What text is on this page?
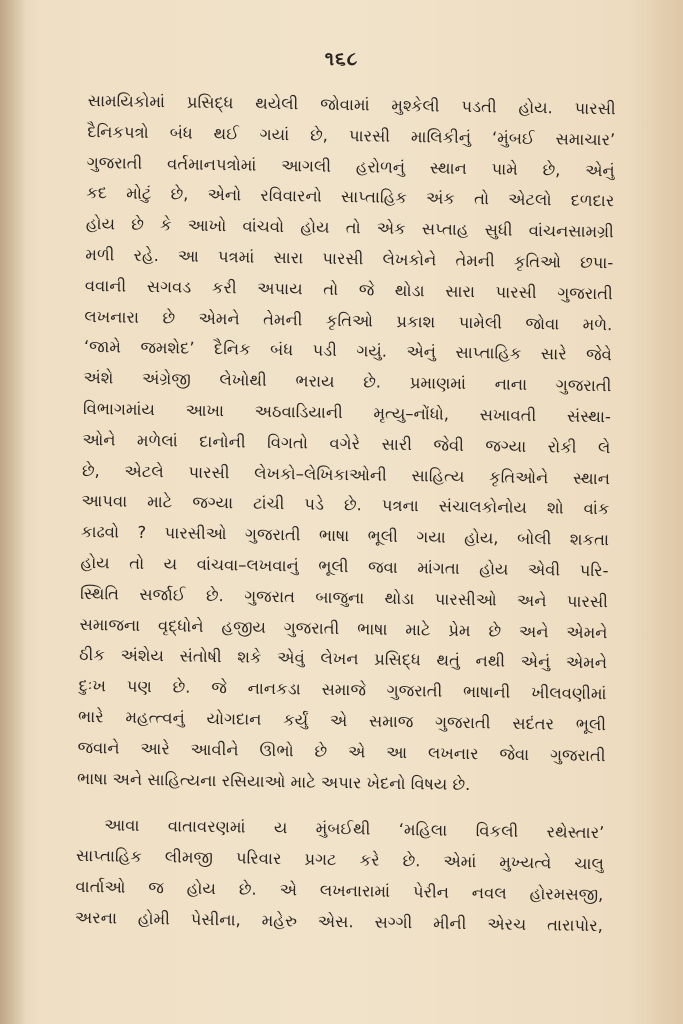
૧૬૮
સામયિકોમાં પ્રસિદ્ધ થયેલી જોવામાં મુશ્કેલી પડતી હોય. પારસી
દૈનિકપત્રો બંધ થઈ ગયાં છે, પારસી માલિકીનું ‘મુંબઈ સમાચાર’
ગુજરાતી વર્તમાનપત્રોમાં આગલી હરોળનું સ્થાન પામે છે, એનું
કદ મોટું છે, એનો રવિવારનો સાપ્તાહિક અંક તો એટલો દળદાર
હોય છે કે આખો વાંચવો હોય તો એક સપ્તાહ સુધી વાંચનસામગ્રી
મળી રહે. આ પત્રમાં સારા પારસી લેખકોને તેમની કૃતિઓ છપા-
વવાની સગવડ કરી અપાય તો જે થોડા સારા પારસી ગુજરાતી
લખનારા છે એમને તેમની કૃતિઓ પ્રકાશ પામેલી જોવા મળે.
‘જામે જમશેદ’ દૈનિક બંધ પડી ગયું. એનું સાપ્તાહિક સારે જેવે
અંશે અંગ્રેજી લેખોથી ભરાય છે. પ્રમાણમાં નાના ગુજરાતી
વિભાગમાંય આખા અઠવાડિયાની મૃત્યુ–નોંધો, સખાવતી સંસ્થા-
ઓને મળેલાં દાનોની વિગતો વગેરે સારી જેવી જગ્યા રોકી લે
છે, એટલે પારસી લેખકો–લેખિકાઓની સાહિત્ય કૃતિઓને સ્થાન
આપવા માટે જગ્યા ટાંચી પડે છે. પત્રના સંચાલકોનોય શો વાંક
કાઢવો ? પારસીઓ ગુજરાતી ભાષા ભૂલી ગયા હોય, બોલી શકતા
હોય તો ય વાંચવા–લખવાનું ભૂલી જવા માંગતા હોય એવી પરિ-
સ્થિતિ સર્જાઈ છે. ગુજરાત બાજુના થોડા પારસીઓ અને પારસી
સમાજના વૃદ્ધોને હજીય ગુજરાતી ભાષા માટે પ્રેમ છે અને એમને
ઠીક અંશેય સંતોષી શકે એવું લેખન પ્રસિદ્ધ થતું નથી એનું એમને
દુઃખ પણ છે. જે નાનકડા સમાજે ગુજરાતી ભાષાની ખીલવણીમાં
ભારે મહત્ત્વનું યોગદાન કર્યું એ સમાજ ગુજરાતી સદંતર ભૂલી
જવાને આરે આવીને ઊભો છે એ આ લખનાર જેવા ગુજરાતી
ભાષા અને સાહિત્યના રસિયાઓ માટે અપાર ખેદનો વિષય છે.
આવા વાતાવરણમાં ય મુંબઈથી ‘મહિલા વિકલી રથેસ્તાર’
સાપ્તાહિક લીમજી પરિવાર પ્રગટ કરે છે. એમાં મુખ્યત્વે ચાલુ
વાર્તાઓ જ હોય છે. એ લખનારામાં પેરીન નવલ હોરમસજી,
અરના હોમી પેસીના, મહેરુ એસ. સગ્ગી મીની એરચ તારાપોર,
